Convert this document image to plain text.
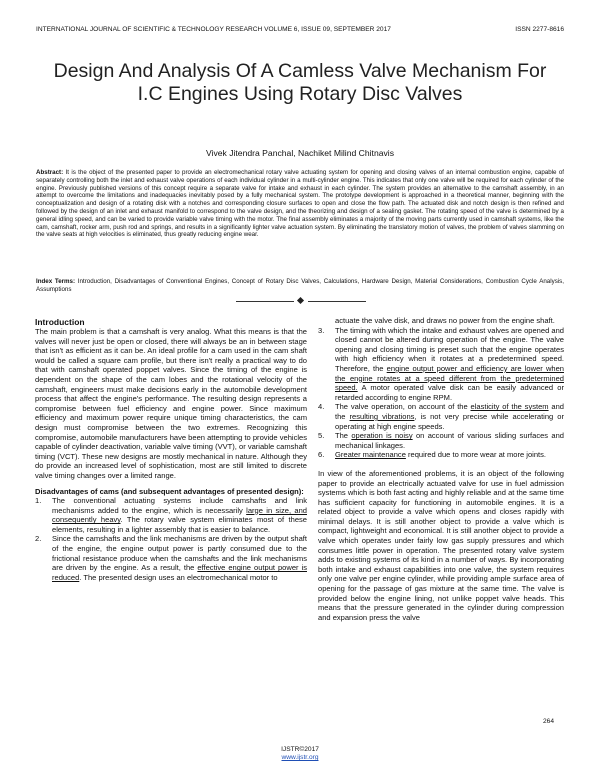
INTERNATIONAL JOURNAL OF SCIENTIFIC & TECHNOLOGY RESEARCH VOLUME 6, ISSUE 09, SEPTEMBER 2017	ISSN 2277-8616
Design And Analysis Of A Camless Valve Mechanism For I.C Engines Using Rotary Disc Valves
Vivek Jitendra Panchal, Nachiket Milind Chitnavis
Abstract: It is the object of the presented paper to provide an electromechanical rotary valve actuating system for opening and closing valves of an internal combustion engine, capable of separately controlling both the inlet and exhaust valve operations of each individual cylinder in a multi-cylinder engine. This indicates that only one valve will be required for each cylinder of the engine. Previously published versions of this concept require a separate valve for intake and exhaust in each cylinder. The system provides an alternative to the camshaft assembly, in an attempt to overcome the limitations and inadequacies inevitably posed by a fully mechanical system. The prototype development is approached in a theoretical manner, beginning with the conceptualization and design of a rotating disk with a notches and corresponding closure surfaces to open and close the flow path. The actuated disk and notch design is then refined and followed by the design of an inlet and exhaust manifold to correspond to the valve design, and the theorizing and design of a sealing gasket. The rotating speed of the valve is determined by a general idling speed, and can be varied to provide variable valve timing with the motor. The final assembly eliminates a majority of the moving parts currently used in camshaft systems, like the cam, camshaft, rocker arm, push rod and springs, and results in a significantly lighter valve actuation system. By eliminating the translatory motion of valves, the problem of valves slamming on the valve seats at high velocities is eliminated, thus greatly reducing engine wear.
Index Terms: Introduction, Disadvantages of Conventional Engines, Concept of Rotary Disc Valves, Calculations, Hardware Design, Material Considerations, Combustion Cycle Analysis, Assumptions

Introduction

The main problem is that a camshaft is very analog. What this means is that the valves will never just be open or closed, there will always be an in between stage that isn't as efficient as it can be. An ideal profile for a cam used in the cam shaft would be called a square cam profile, but there isn't really a practical way to do that with camshaft operated poppet valves. Since the timing of the engine is dependent on the shape of the cam lobes and the rotational velocity of the camshaft, engineers must make decisions early in the automobile development process that affect the engine's performance. The resulting design represents a compromise between fuel efficiency and engine power. Since maximum efficiency and maximum power require unique timing characteristics, the cam design must compromise between the two extremes. Recognizing this compromise, automobile manufacturers have been attempting to provide vehicles capable of cylinder deactivation, variable valve timing (VVT), or variable camshaft timing (VCT). These new designs are mostly mechanical in nature. Although they do provide an increased level of sophistication, most are still limited to discrete valve timing changes over a limited range.

Disadvantages of cams (and subsequent advantages of presented design):

1.	The conventional actuating systems include camshafts and link mechanisms added to the engine, which is necessarily large in size, and consequently heavy. The rotary valve system eliminates most of these elements, resulting in a lighter assembly that is easier to balance.
2.	Since the camshafts and the link mechanisms are driven by the output shaft of the engine, the engine output power is partly consumed due to the frictional resistance produce when the camshafts and the link mechanisms are driven by the engine. As a result, the effective engine output power is reduced. The presented design uses an electromechanical motor to
actuate the valve disk, and draws no power from the engine shaft.
3.	The timing with which the intake and exhaust valves are opened and closed cannot be altered during operation of the engine. The valve opening and closing timing is preset such that the engine operates with high efficiency when it rotates at a predetermined speed. Therefore, the engine output power and efficiency are lower when the engine rotates at a speed different from the predetermined speed. A motor operated valve disk can be easily advanced or retarded according to engine RPM.
4.	The valve operation, on account of the elasticity of the system and the resulting vibrations, is not very precise while accelerating or operating at high engine speeds.
5.	The operation is noisy on account of various sliding surfaces and mechanical linkages.
6.	Greater maintenance required due to more wear at more joints.

In view of the aforementioned problems, it is an object of the following paper to provide an electrically actuated valve for use in fuel admission systems which is both fast acting and highly reliable and at the same time has sufficient capacity for functioning in automobile engines. It is a related object to provide a valve which opens and closes rapidly with minimal delays. It is still another object to provide a valve which is compact, lightweight and economical. It is still another object to provide a valve which operates under fairly low gas supply pressures and which consumes little power in operation. The presented rotary valve system adds to existing systems of its kind in a number of ways. By incorporating both intake and exhaust capabilities into one valve, the system requires only one valve per engine cylinder, while providing ample surface area of opening for the passage of gas mixture at the same time. The valve is provided below the engine lining, not unlike poppet valve heads. This means that the pressure generated in the cylinder during compression and expansion press the valve

264
IJSTR©2017
www.ijstr.org
